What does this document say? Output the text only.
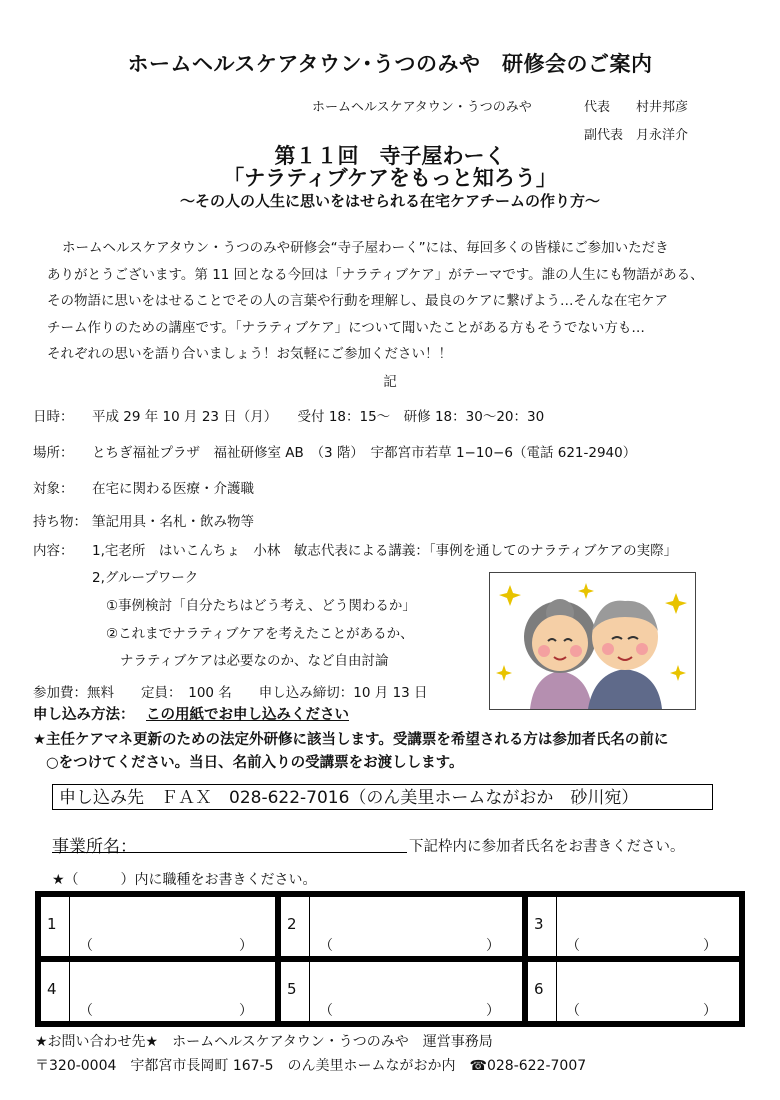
ホームヘルスケアタウン･うつのみや　研修会のご案内
ホームヘルスケアタウン・うつのみや	代表　　村井邦彦
副代表　月永洋介
第１１回　寺子屋わーく
「ナラティブケアをもっと知ろう」
～その人の人生に思いをはせられる在宅ケアチームの作り方～

ホームヘルスケアタウン・うつのみや研修会“寺子屋わーく”には、毎回多くの皆様にご参加いただき

ありがとうございます。第 11 回となる今回は「ナラティブケア」がテーマです。誰の人生にも物語がある、

その物語に思いをはせることでその人の言葉や行動を理解し、最良のケアに繋げよう…そんな在宅ケア

チーム作りのための講座です。「ナラティブケア」について聞いたことがある方もそうでない方も…

それぞれの思いを語り合いましょう！お気軽にご参加ください！！

記
日時： 平成 29 年 10 月 23 日（月）　　受付 18：15～　研修 18：30～20：30
場所： とちぎ福祉プラザ　福祉研修室 AB　（3 階）　宇都宮市若草 1−10−6（電話 621-2940）
対象： 在宅に関わる医療・介護職
持ち物： 筆記用具・名札・飲み物等
内容： 1,宅老所　はいこんちょ　小林　敏志代表による講義：「事例を通してのナラティブケアの実際」
2,グループワーク
①事例検討「自分たちはどう考え、どう関わるか」
②これまでナラティブケアを考えたことがあるか、
ナラティブケアは必要なのか、など自由討論
参加費：無料　　定員：　100 名　　申し込み締切：10 月 13 日
申し込み方法： この用紙でお申し込みください
★主任ケアマネ更新のための法定外研修に該当します。受講票を希望される方は参加者氏名の前に
○をつけてください。当日、名前入りの受講票をお渡しします。
申し込み先　ＦＡＸ　028-622-7016（のん美里ホームながおか　砂川宛）
事業所名：	下記枠内に参加者氏名をお書きください。
★（　　　）内に職種をお書きください。
1
（	）
2
（	）
3
（	）
4
（	）
5
（	）
6
（	）
★お問い合わせ先★　ホームヘルスケアタウン・うつのみや　運営事務局
〒320-0004　宇都宮市長岡町 167-5　のん美里ホームながおか内　☎028-622-7007
